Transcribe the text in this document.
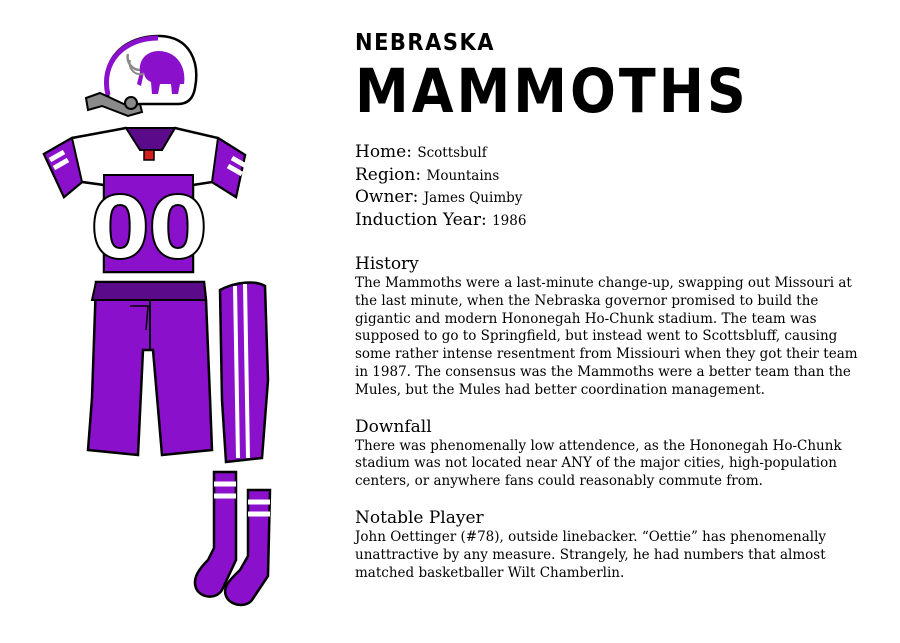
00
NEBRASKA
MAMMOTHS
Home: Scottsbulf
Region: Mountains
Owner: James Quimby
Induction Year: 1986
History

The Mammoths were a last-minute change-up, swapping out Missouri at the last minute, when the Nebraska governor promised to build the gigantic and modern Hononegah Ho-Chunk stadium. The team was supposed to go to Springfield, but instead went to Scottsbluff, causing some rather intense resentment from Missiouri when they got their team in 1987. The consensus was the Mammoths were a better team than the Mules, but the Mules had better coordination management.

Downfall

There was phenomenally low attendence, as the Hononegah Ho-Chunk stadium was not located near ANY of the major cities, high-population centers, or anywhere fans could reasonably commute from.

Notable Player

John Oettinger (#78), outside linebacker. “Oettie” has phenomenally unattractive by any measure. Strangely, he had numbers that almost matched basketballer Wilt Chamberlin.
